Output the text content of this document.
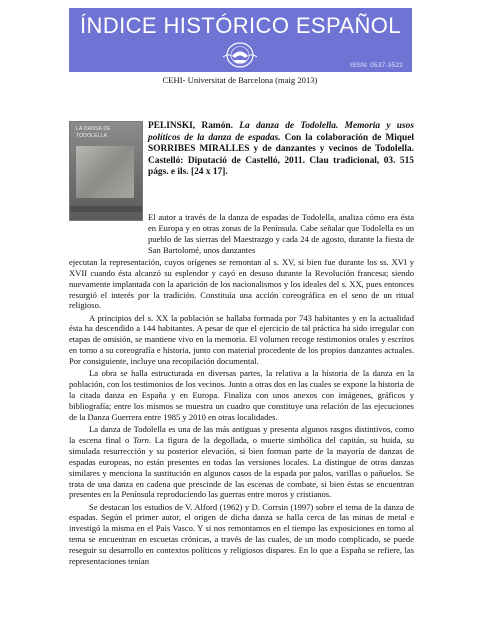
ÍNDICE HISTÓRICO ESPAÑOL
ISSN: 0537-3522
CEHI- Universitat de Barcelona (maig 2013)
LA DANSA DE
TODOLELLA
PELINSKI, Ramón. La danza de Todolella. Memoria y usos políticos de la danza de espadas. Con la colaboración de Miquel SORRIBES MIRALLES y de danzantes y vecinos de Todolella. Castelló: Diputació de Castelló, 2011. Clau tradicional, 03. 515 págs. e ils. [24 x 17].

El autor a través de la danza de espadas de Todolella, analiza cómo era ésta en Europa y en otras zonas de la Península. Cabe señalar que Todolella es un pueblo de las sierras del Maestrazgo y cada 24 de agosto, durante la fiesta de San Bartolomé, unos danzantes

ejecutan la representación, cuyos orígenes se remontan al s. XV, si bien fue durante los ss. XVI y XVII cuando ésta alcanzó su esplendor y cayó en desuso durante la Revolución francesa; siendo nuevamente implantada con la aparición de los nacionalismos y los ideales del s. XX, pues entonces resurgió el interés por la tradición. Constituía una acción coreográfica en el seno de un ritual religioso.

A principios del s. XX la población se hallaba formada por 743 habitantes y en la actualidad ésta ha descendido a 144 habitantes. A pesar de que el ejercicio de tal práctica ha sido irregular con etapas de omisión, se mantiene vivo en la memoria. El volumen recoge testimonios orales y escritos en torno a su coreografía e historia, junto con material procedente de los propios danzantes actuales. Por consiguiente, incluye una recopilación documental.

La obra se halla estructurada en diversas partes, la relativa a la historia de la danza en la población, con los testimonios de los vecinos. Junto a otras dos en las cuales se expone la historia de la citada danza en España y en Europa. Finaliza con unos anexos con imágenes, gráficos y bibliografía; entre los mismos se muestra un cuadro que constituye una relación de las ejecuciones de la Danza Guerrera entre 1985 y 2010 en otras localidades.

La danza de Todolella es una de las más antiguas y presenta algunos rasgos distintivos, como la escena final o Torn. La figura de la degollada, o muerte simbólica del capitán, su huida, su simulada resurrección y su posterior elevación, si bien forman parte de la mayoría de danzas de espadas europeas, no están presentes en todas las versiones locales. La distingue de otras danzas similares y menciona la sustitución en algunos casos de la espada por palos, varillas o pañuelos. Se trata de una danza en cadena que prescinde de las escenas de combate, si bien éstas se encuentran presentes en la Península reproduciendo las guerras entre moros y cristianos.

Se destacan los estudios de V. Alford (1962) y D. Corrsin (1997) sobre el tema de la danza de espadas. Según el primer autor, el origen de dicha danza se halla cerca de las minas de metal e investigó la misma en el País Vasco. Y si nos remontamos en el tiempo las exposiciones en torno al tema se encuentran en escuetas crónicas, a través de las cuales, de un modo complicado, se puede reseguir su desarrollo en contextos políticos y religiosos dispares. En lo que a España se refiere, las representaciones tenían
